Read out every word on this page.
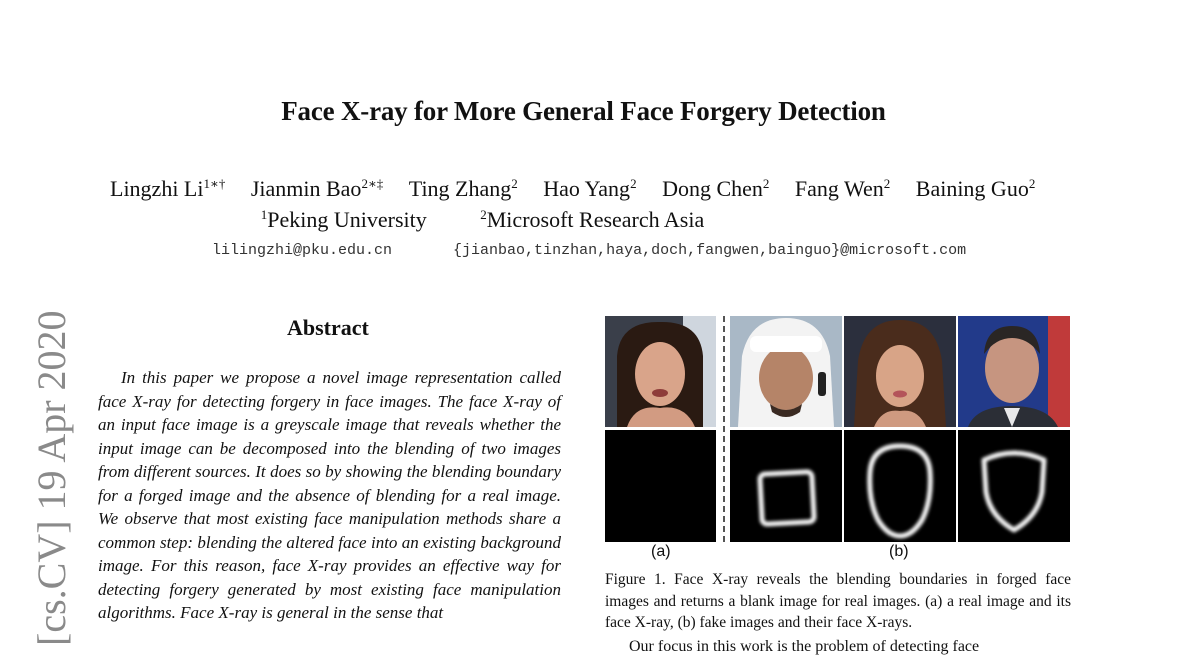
Face X-ray for More General Face Forgery Detection
Lingzhi $Li^{1∗\dagger}$ Jianmin Bao$^{2∗\ddagger}$ Ting Zhang$^2$ Hao Yang$^2$ Dong Chen$^2$ Fang Wen$^2$ Baining Guo$^2$
$^1$Peking University	$^2$Microsoft Research Asia
lilingzhi@pku.edu.cn	{jianbao,tinzhan,haya,doch,fangwen,bainguo}@microsoft.com
[cs.CV] 19 Apr 2020	Abstract
In this paper we propose a novel image representation called face X-ray for detecting forgery in face images. The face X-ray of an input face image is a greyscale image that reveals whether the input image can be decomposed into the blending of two images from different sources. It does so by showing the blending boundary for a forged image and the absence of blending for a real image. We observe that most existing face manipulation methods share a common step: blending the altered face into an existing background image. For this reason, face X-ray provides an effective way for detecting forgery generated by most existing face manipulation algorithms. Face X-ray is general in the sense that
(a)	(b)
Figure 1. Face X-ray reveals the blending boundaries in forged face images and returns a blank image for real images. (a) a real image and its face X-ray, (b) fake images and their face X-rays.
Our focus in this work is the problem of detecting face
